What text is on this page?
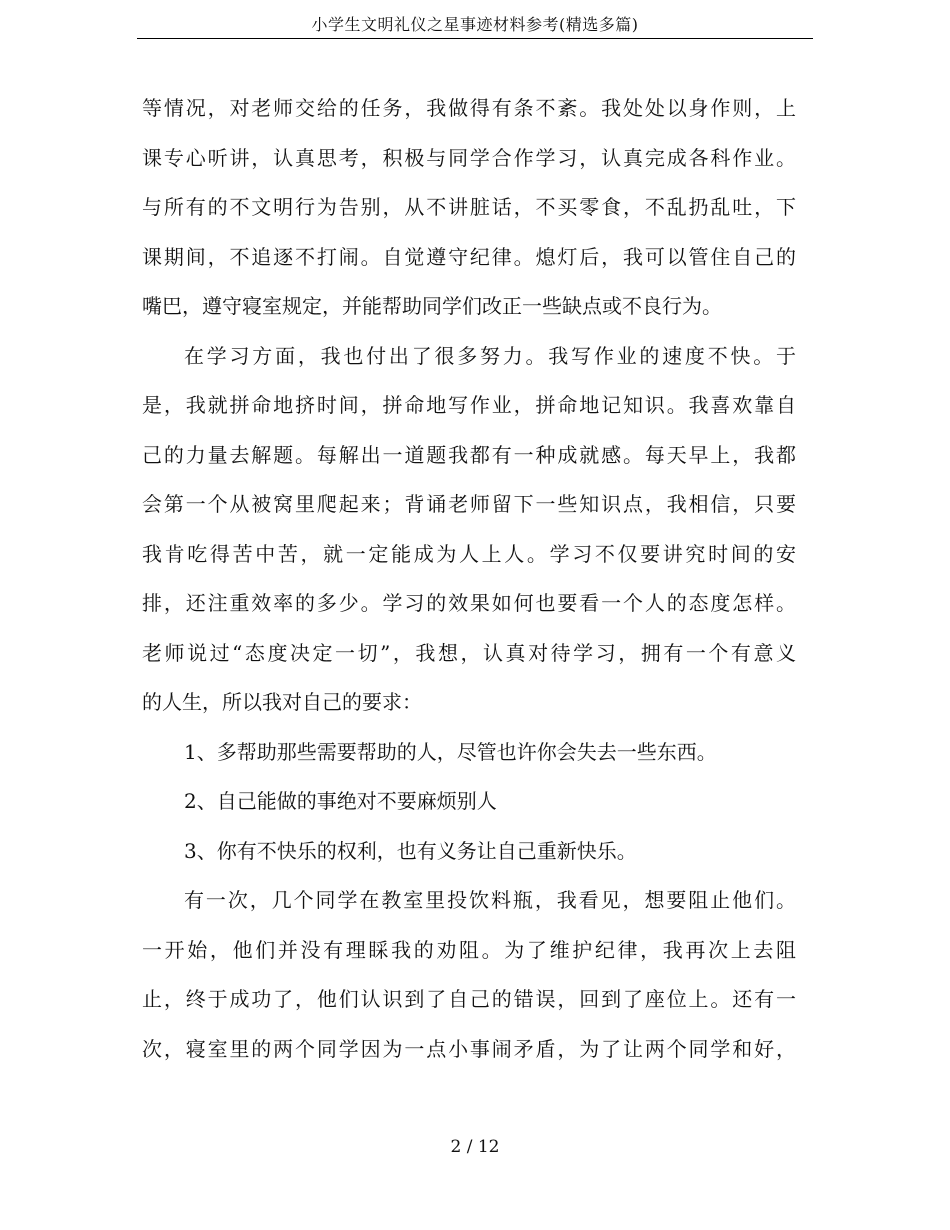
小学生文明礼仪之星事迹材料参考(精选多篇)
等情况，对老师交给的任务，我做得有条不紊。我处处以身作则，上
课专心听讲，认真思考，积极与同学合作学习，认真完成各科作业。
与所有的不文明行为告别，从不讲脏话，不买零食，不乱扔乱吐，下
课期间，不追逐不打闹。自觉遵守纪律。熄灯后，我可以管住自己的
嘴巴，遵守寝室规定，并能帮助同学们改正一些缺点或不良行为。
在学习方面，我也付出了很多努力。我写作业的速度不快。于
是，我就拼命地挤时间，拼命地写作业，拼命地记知识。我喜欢靠自
己的力量去解题。每解出一道题我都有一种成就感。每天早上，我都
会第一个从被窝里爬起来；背诵老师留下一些知识点，我相信，只要
我肯吃得苦中苦，就一定能成为人上人。学习不仅要讲究时间的安
排，还注重效率的多少。学习的效果如何也要看一个人的态度怎样。
老师说过“态度决定一切”，我想，认真对待学习，拥有一个有意义
的人生，所以我对自己的要求：
1、多帮助那些需要帮助的人，尽管也许你会失去一些东西。
2、自己能做的事绝对不要麻烦别人
3、你有不快乐的权利，也有义务让自己重新快乐。
有一次，几个同学在教室里投饮料瓶，我看见，想要阻止他们。
一开始，他们并没有理睬我的劝阻。为了维护纪律，我再次上去阻
止，终于成功了，他们认识到了自己的错误，回到了座位上。还有一
次，寝室里的两个同学因为一点小事闹矛盾，为了让两个同学和好，
2 / 12
